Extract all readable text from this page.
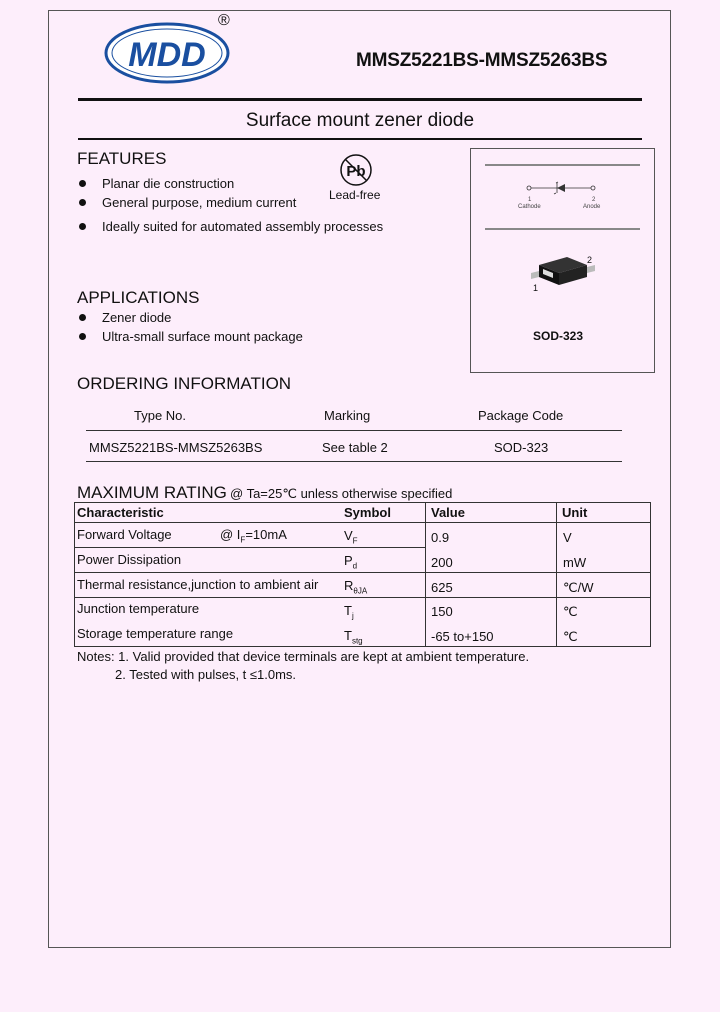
MDD
®
MMSZ5221BS-MMSZ5263BS
Surface mount zener diode
FEATURES
Planar die construction
General purpose, medium current
Ideally suited for automated assembly processes
Pb
Lead-free	1	2
Cathode	Anode
2
1
SOD-323
APPLICATIONS
Zener diode
Ultra-small surface mount package
ORDERING INFORMATION
Type No.	Marking	Package Code
MMSZ5221BS-MMSZ5263BS	See table 2	SOD-323
MAXIMUM RATING @ Ta=25℃ unless otherwise specified
Characteristic	Symbol	Value	Unit
Forward Voltage	@ $I_F=10mA$	$V_F$	0.9	V
Power Dissipation	$P_d$	200	mW
Thermal resistance,junction to ambient air $R_{\theta JA}$	625	℃/W
Junction temperature	$T_j$	150	℃
Storage temperature range	$T_{stg}$	-65 to+150	℃
Notes: 1. Valid provided that device terminals are kept at ambient temperature.
2. Tested with pulses, t ≤1.0ms.
